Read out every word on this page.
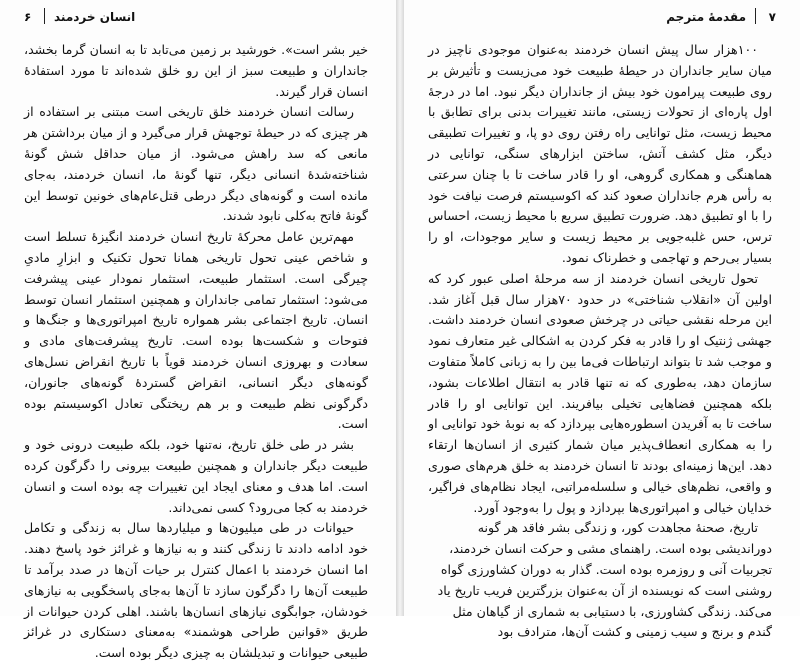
۶ انسان خردمند

خیر بشر است». خورشید بر زمین می‌تابد تا به انسان گرما بخشد، جانداران و طبیعت سبز از این رو خلق شده‌اند تا مورد استفادهٔ انسان قرار گیرند.

رسالت انسان خردمند خلق تاریخی است مبتنی بر استفاده از هر چیزی که در حیطهٔ توجهش قرار می‌گیرد و از میان برداشتن هر مانعی که سد راهش می‌شود. از میان حداقل شش گونهٔ شناخته‌شدهٔ انسانی دیگر، تنها گونهٔ ما، انسان خردمند، به‌جای مانده است و گونه‌های دیگر درطی قتل‌عام‌های خونین توسط این گونهٔ فاتح به‌کلی نابود شدند.

مهم‌ترین عامل محرکهٔ تاریخ انسان خردمند انگیزهٔ تسلط است و شاخص عینی تحول تاریخی همانا تحول تکنیک و ابزارِ مادیِ چیرگی است. استثمار طبیعت، استثمار نمودار عینی پیشرفت می‌شود: استثمار تمامی جانداران و همچنین استثمار انسان توسط انسان. تاریخ اجتماعی بشر همواره تاریخ امپراتوری‌ها و جنگ‌ها و فتوحات و شکست‌ها بوده است. تاریخ پیشرفت‌های مادی و سعادت و بهروزی انسان خردمند قویاً با تاریخ انقراض نسل‌های گونه‌های دیگر انسانی، انقراض گستردهٔ گونه‌های جانوران، دگرگونی نظم طبیعت و بر هم ریختگی تعادل اکوسیستم بوده است.

بشر در طی خلق تاریخ، نه‌تنها خود، بلکه طبیعت درونی خود و طبیعت دیگر جانداران و همچنین طبیعت بیرونی را دگرگون کرده است. اما هدف و معنای ایجاد این تغییرات چه بوده است و انسان خردمند به کجا می‌رود؟ کسی نمی‌داند.

حیوانات در طی میلیون‌ها و میلیاردها سال به زندگی و تکامل خود ادامه دادند تا زندگی کنند و به نیازها و غرائز خود پاسخ دهند. اما انسان خردمند با اعمال کنترل بر حیات آن‌ها در صدد برآمد تا طبیعت آن‌ها را دگرگون سازد تا آن‌ها به‌جای پاسخگویی به نیازهای خودشان، جوابگوی نیازهای انسان‌ها باشند. اهلی کردن حیوانات از طریق «قوانین طراحی هوشمند» به‌معنای دستکاری در غرائز طبیعی حیوانات و تبدیلشان به چیزی دیگر بوده است.

۷
مقدمهٔ مترجم

۱۰۰هزار سال پیش انسان خردمند به‌عنوان موجودی ناچیز در میان سایر جانداران در حیطهٔ طبیعت خود می‌زیست و تأثیرش بر روی طبیعت پیرامون خود بیش از جانداران دیگر نبود. اما در درجهٔ اول پاره‌ای از تحولات زیستی، مانند تغییرات بدنی برای تطابق با محیط زیست، مثل توانایی راه رفتن روی دو پا، و تغییرات تطبیقی دیگر، مثل کشف آتش، ساختن ابزارهای سنگی، توانایی در هماهنگی و همکاری گروهی، او را قادر ساخت تا با چنان سرعتی به رأس هرم جانداران صعود کند که اکوسیستم فرصت نیافت خود را با او تطبیق دهد. ضرورت تطبیق سریع با محیط زیست، احساس ترس، حس غلبه‌جویی بر محیط زیست و سایر موجودات، او را بسیار بی‌رحم و تهاجمی و خطرناک نمود.

تحول تاریخی انسان خردمند از سه مرحلهٔ اصلی عبور کرد که اولین آن «انقلاب شناختی» در حدود ۷۰هزار سال قبل آغاز شد. این مرحله نقشی حیاتی در چرخش صعودی انسان خردمند داشت. جهشی ژنتیک او را قادر به فکر کردن به اشکالی غیر متعارف نمود و موجب شد تا بتواند ارتباطات فی‌ما بین را به زبانی کاملاً متفاوت سازمان دهد، به‌طوری که نه تنها قادر به انتقال اطلاعات بشود، بلکه همچنین فضاهایی تخیلی بیافریند. این توانایی او را قادر ساخت تا به آفریدن اسطوره‌هایی بپردازد که به نوبهٔ خود توانایی او را به همکاری انعطاف‌پذیر میان شمار کثیری از انسان‌ها ارتقاء دهد. این‌ها زمینه‌ای بودند تا انسان خردمند به خلق هرم‌های صوری و واقعی، نظم‌های خیالی و سلسله‌مراتبی، ایجاد نظام‌های فراگیر، خدایان خیالی و امپراتوری‌ها بپردازد و پول را به‌وجود آورد.

تاریخ، صحنهٔ مجاهدت کور، و زندگی بشر فاقد هر گونه دوراندیشی بوده است. راهنمای مشی و حرکت انسان خردمند، تجربیات آنی و روزمره بوده است. گذار به دوران کشاورزی گواه روشنی است که نویسنده از آن به‌عنوان بزرگترین فریب تاریخ یاد می‌کند. زندگی کشاورزی، با دستیابی به شماری از گیاهان مثل گندم و برنج و سیب زمینی و کشت آن‌ها، مترادف بود
